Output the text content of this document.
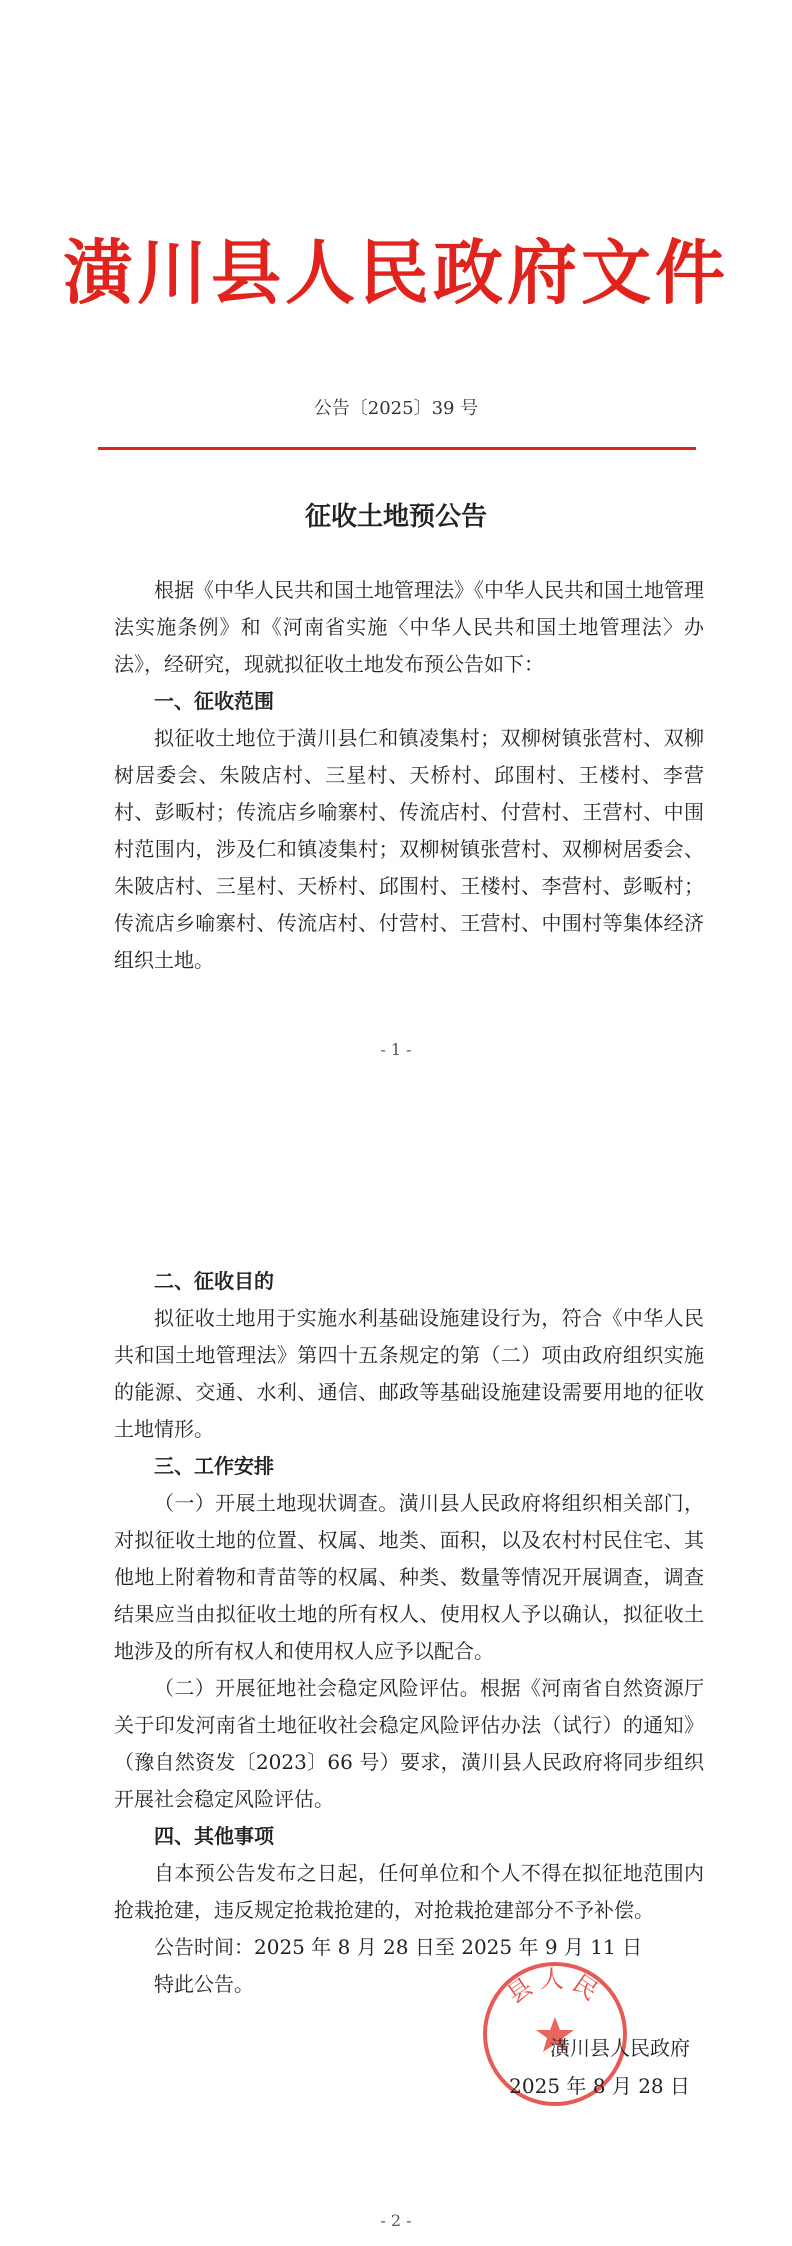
潢川县人民政府文件
公告〔2025〕39 号
征收土地预公告

根据《中华人民共和国土地管理法》《中华人民共和国土地管理法实施条例》和《河南省实施〈中华人民共和国土地管理法〉办法》，经研究，现就拟征收土地发布预公告如下：

一、征收范围

拟征收土地位于潢川县仁和镇凌集村；双柳树镇张营村、双柳树居委会、朱陂店村、三星村、天桥村、邱围村、王楼村、李营村、彭畈村；传流店乡喻寨村、传流店村、付营村、王营村、中围村范围内，涉及仁和镇凌集村；双柳树镇张营村、双柳树居委会、朱陂店村、三星村、天桥村、邱围村、王楼村、李营村、彭畈村；传流店乡喻寨村、传流店村、付营村、王营村、中围村等集体经济组织土地。

- 1 -

二、征收目的

拟征收土地用于实施水利基础设施建设行为，符合《中华人民共和国土地管理法》第四十五条规定的第（二）项由政府组织实施的能源、交通、水利、通信、邮政等基础设施建设需要用地的征收土地情形。

三、工作安排

（一）开展土地现状调查。潢川县人民政府将组织相关部门，对拟征收土地的位置、权属、地类、面积，以及农村村民住宅、其他地上附着物和青苗等的权属、种类、数量等情况开展调查，调查结果应当由拟征收土地的所有权人、使用权人予以确认，拟征收土地涉及的所有权人和使用权人应予以配合。

（二）开展征地社会稳定风险评估。根据《河南省自然资源厅关于印发河南省土地征收社会稳定风险评估办法（试行）的通知》（豫自然资发〔2023〕66 号）要求，潢川县人民政府将同步组织开展社会稳定风险评估。

四、其他事项

自本预公告发布之日起，任何单位和个人不得在拟征地范围内抢栽抢建，违反规定抢栽抢建的，对抢栽抢建部分不予补偿。

公告时间：2025 年 8 月 28 日至 2025 年 9 月 11 日

特此公告。	县人民
潢川县人民政府
2025 年 8 月 28 日
- 2 -
